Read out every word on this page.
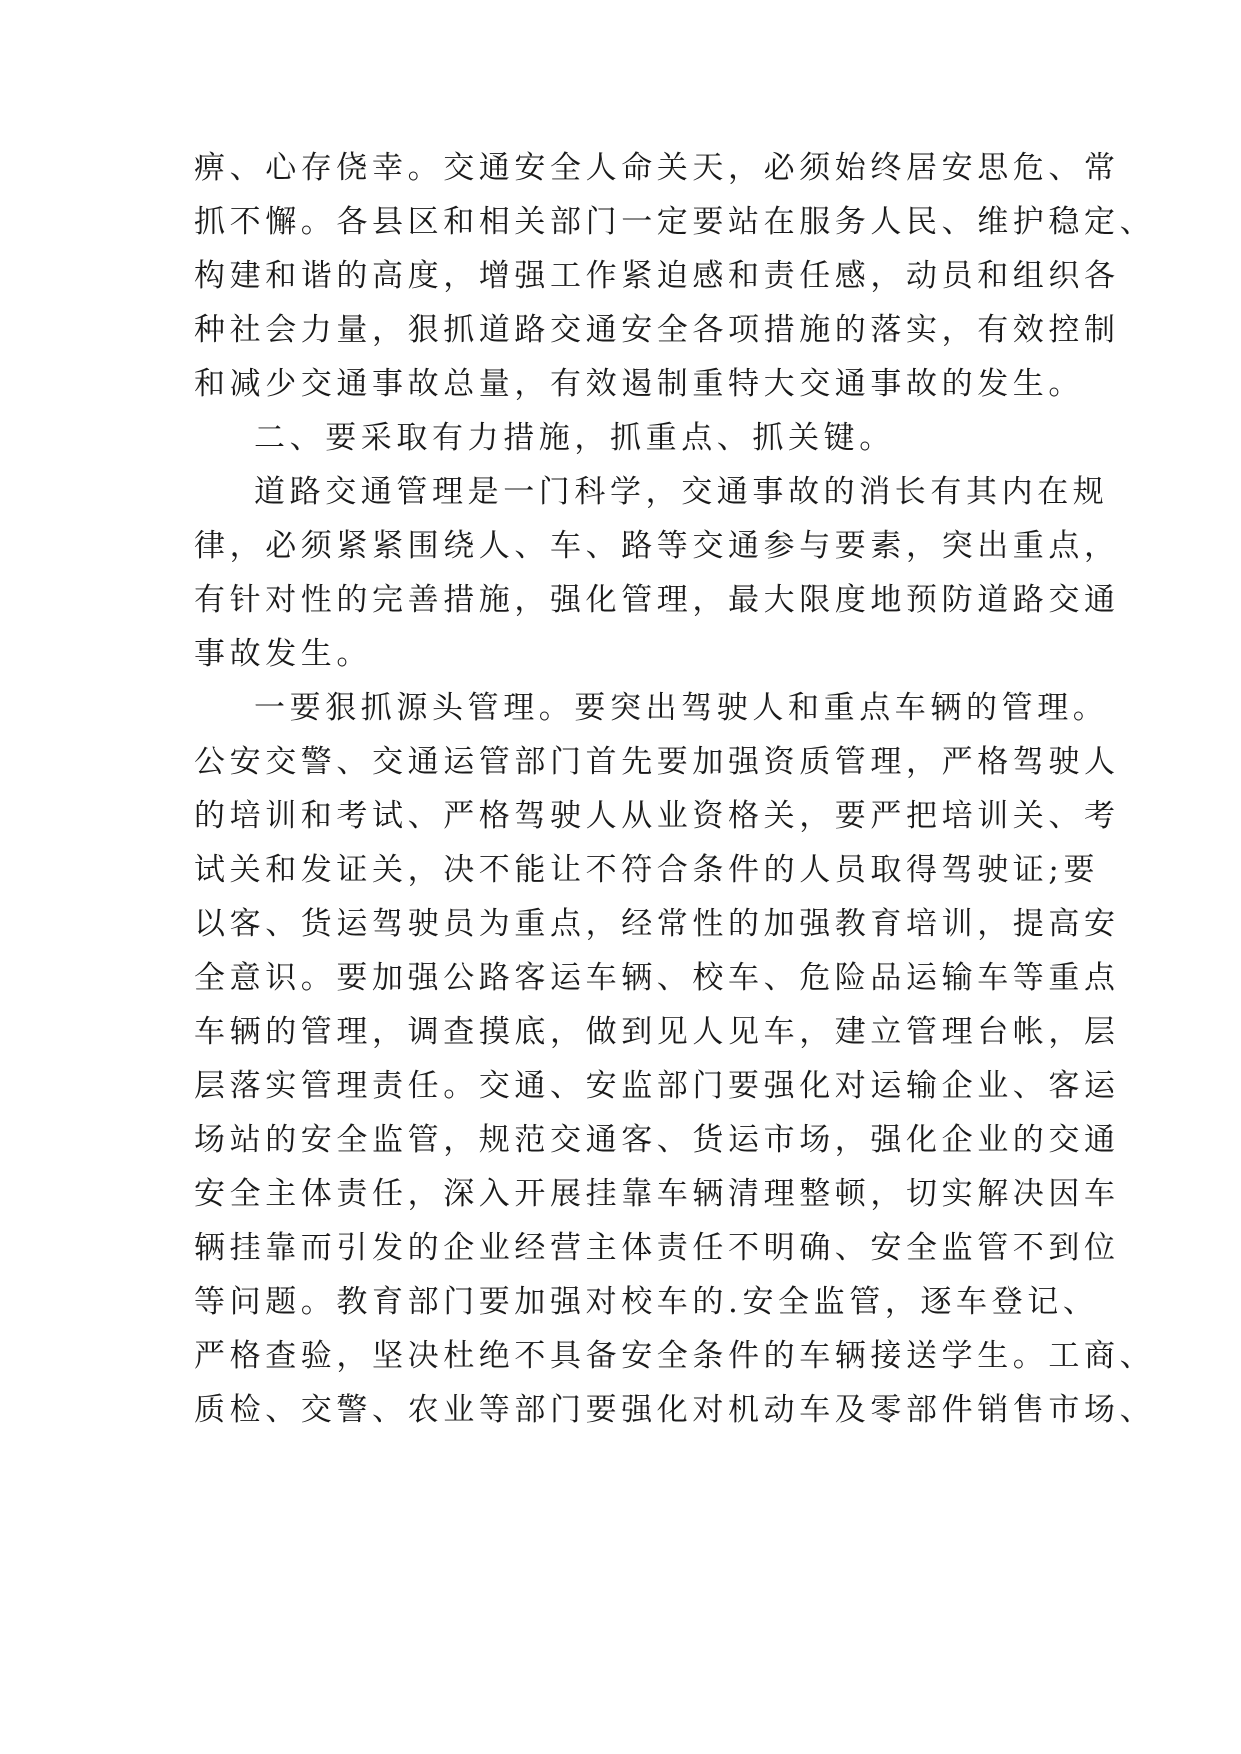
痹、心存侥幸。交通安全人命关天，必须始终居安思危、常
抓不懈。各县区和相关部门一定要站在服务人民、维护稳定、
构建和谐的高度，增强工作紧迫感和责任感，动员和组织各
种社会力量，狠抓道路交通安全各项措施的落实，有效控制
和减少交通事故总量，有效遏制重特大交通事故的发生。
二、要采取有力措施，抓重点、抓关键。
道路交通管理是一门科学，交通事故的消长有其内在规
律，必须紧紧围绕人、车、路等交通参与要素，突出重点，
有针对性的完善措施，强化管理，最大限度地预防道路交通
事故发生。
一要狠抓源头管理。要突出驾驶人和重点车辆的管理。
公安交警、交通运管部门首先要加强资质管理，严格驾驶人
的培训和考试、严格驾驶人从业资格关，要严把培训关、考
试关和发证关，决不能让不符合条件的人员取得驾驶证;要
以客、货运驾驶员为重点，经常性的加强教育培训，提高安
全意识。要加强公路客运车辆、校车、危险品运输车等重点
车辆的管理，调查摸底，做到见人见车，建立管理台帐，层
层落实管理责任。交通、安监部门要强化对运输企业、客运
场站的安全监管，规范交通客、货运市场，强化企业的交通
安全主体责任，深入开展挂靠车辆清理整顿，切实解决因车
辆挂靠而引发的企业经营主体责任不明确、安全监管不到位
等问题。教育部门要加强对校车的.安全监管，逐车登记、
严格查验，坚决杜绝不具备安全条件的车辆接送学生。工商、
质检、交警、农业等部门要强化对机动车及零部件销售市场、
